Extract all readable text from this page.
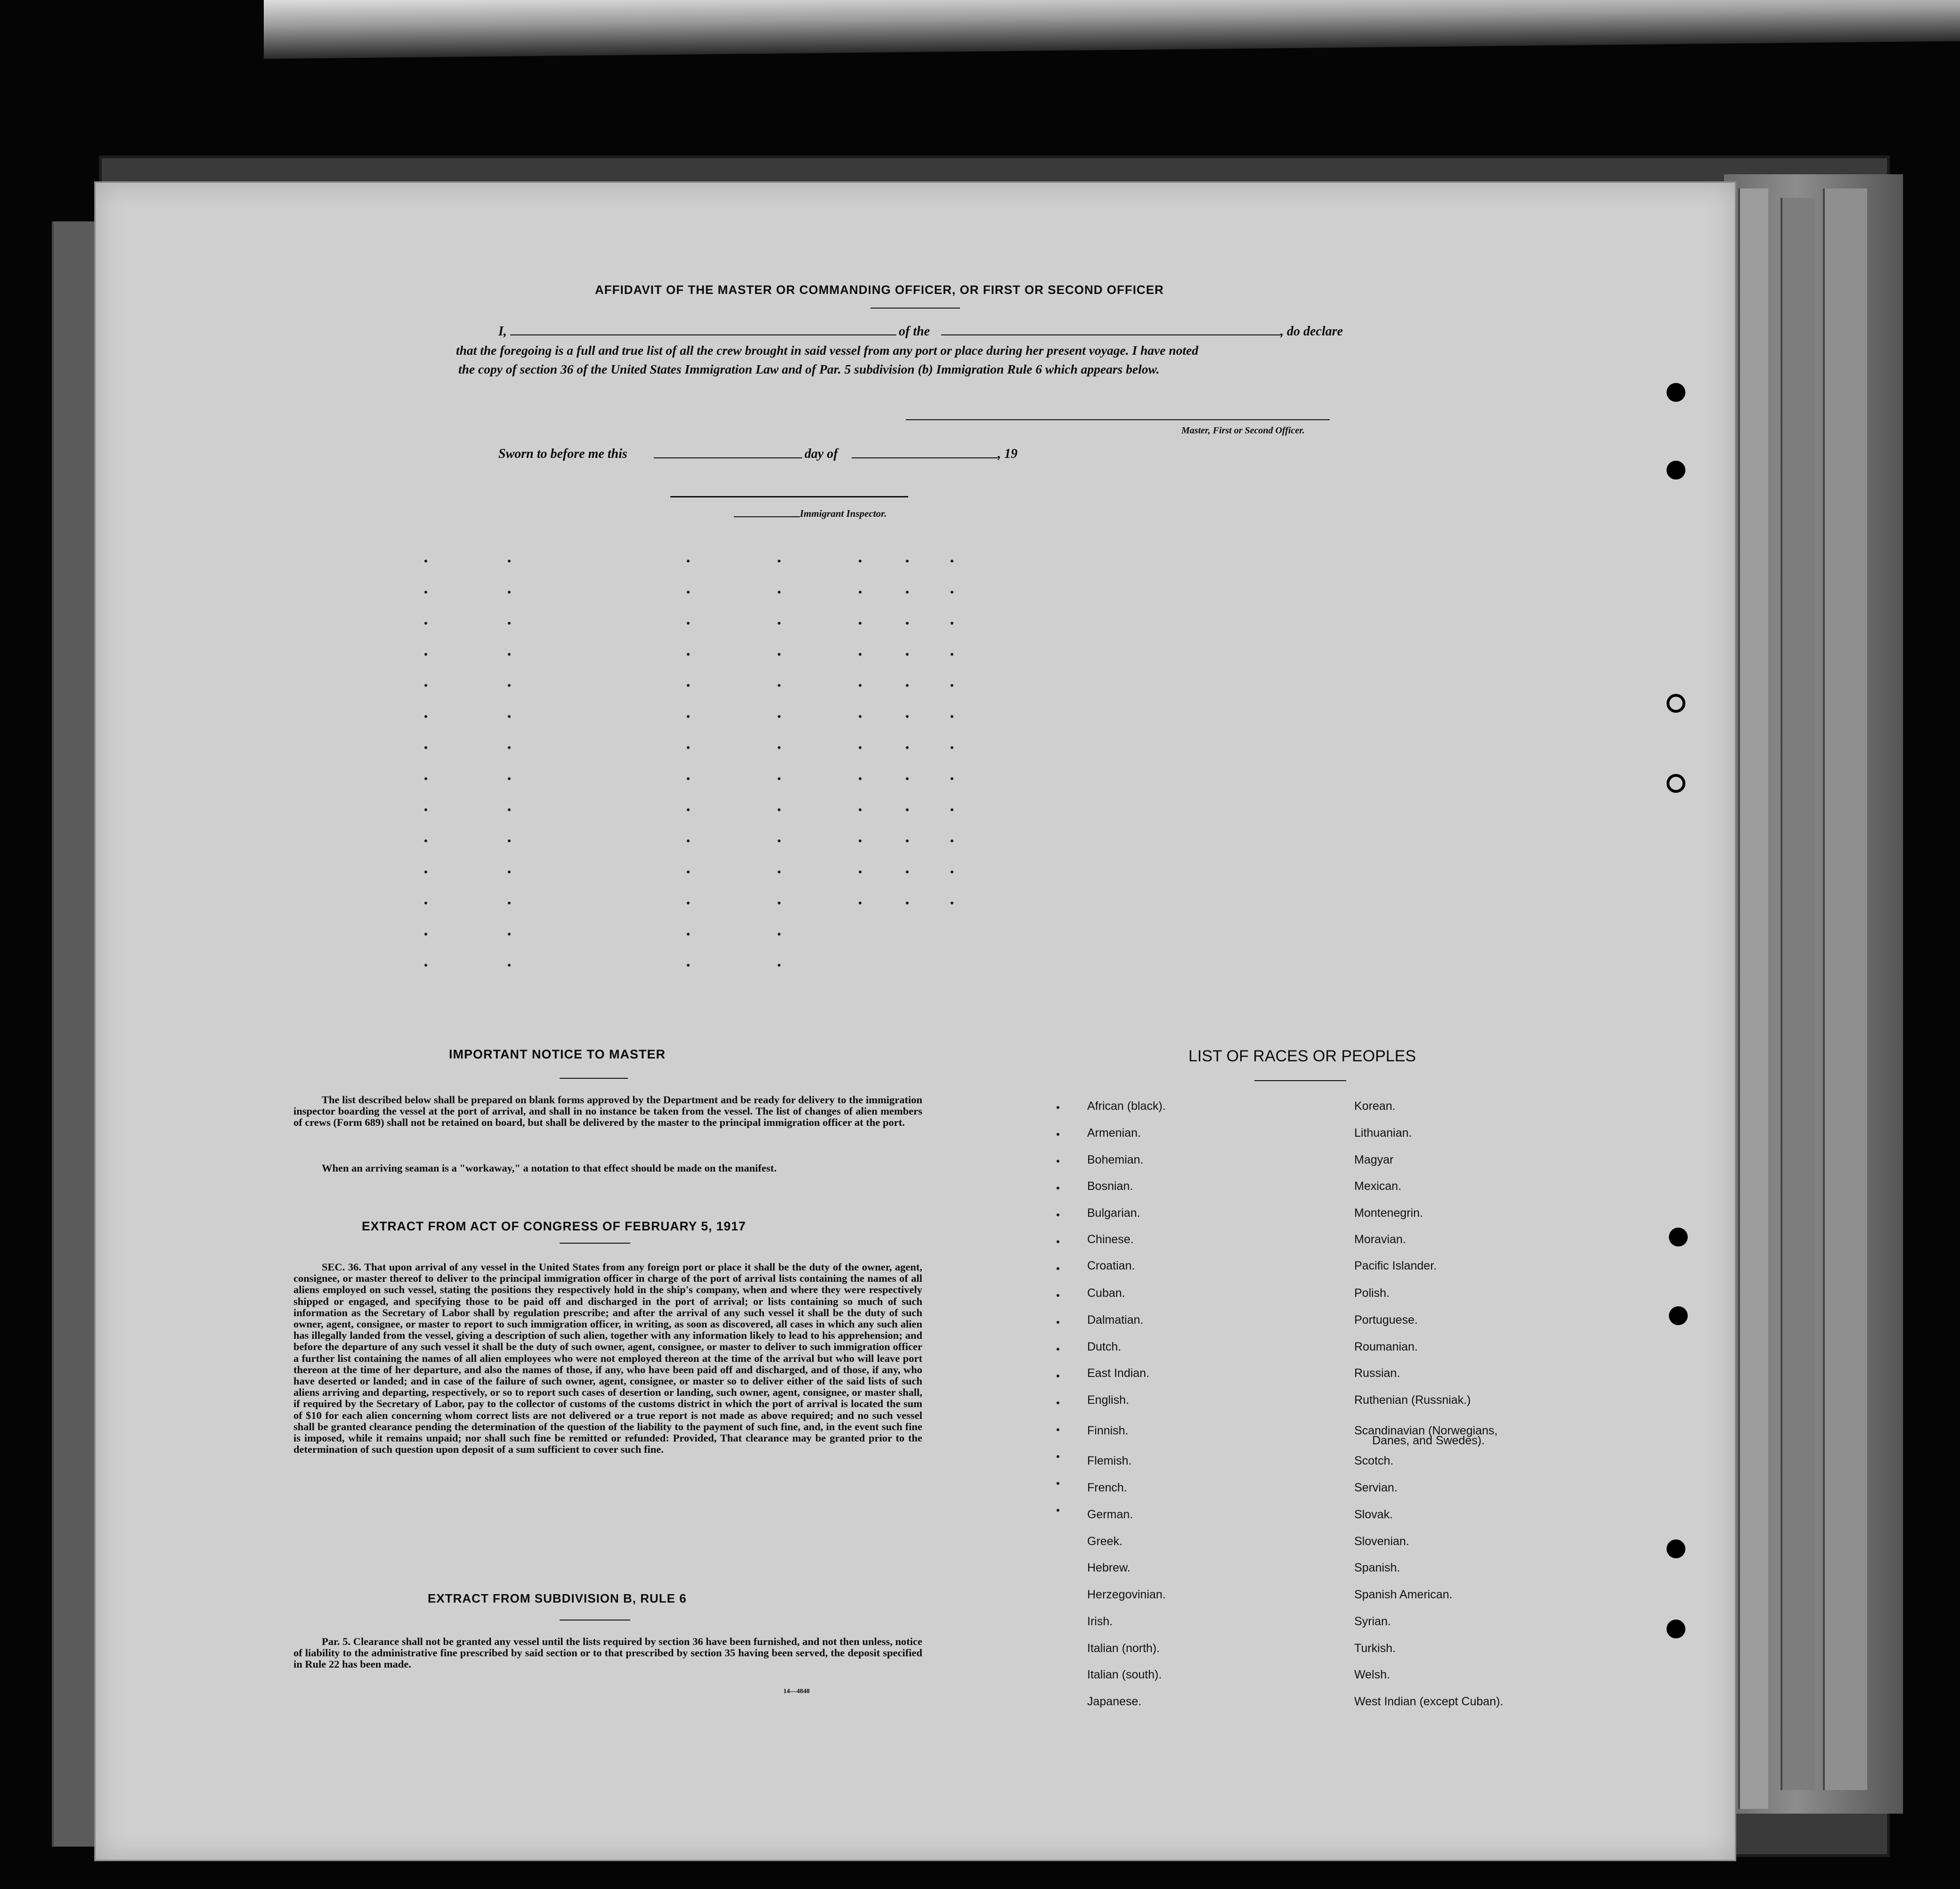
AFFIDAVIT OF THE MASTER OR COMMANDING OFFICER, OR FIRST OR SECOND OFFICER
I,	of the	, do declare
that the foregoing is a full and true list of all the crew brought in said vessel from any port or place during her present voyage. I have noted
the copy of section 36 of the United States Immigration Law and of Par. 5 subdivision (b) Immigration Rule 6 which appears below.
Master, First or Second Officer.
Sworn to before me this	day of	, 19
Immigrant Inspector.
IMPORTANT NOTICE TO MASTER
The list described below shall be prepared on blank forms approved by the Department and be ready for delivery to the immigration inspector boarding the vessel at the port of arrival, and shall in no instance be taken from the vessel. The list of changes of alien members of crews (Form 689) shall not be retained on board, but shall be delivered by the master to the principal immigration officer at the port.
When an arriving seaman is a "workaway," a notation to that effect should be made on the manifest.
EXTRACT FROM ACT OF CONGRESS OF FEBRUARY 5, 1917
SEC. 36. That upon arrival of any vessel in the United States from any foreign port or place it shall be the duty of the owner, agent, consignee, or master thereof to deliver to the principal immigration officer in charge of the port of arrival lists containing the names of all aliens employed on such vessel, stating the positions they respectively hold in the ship's company, when and where they were respectively shipped or engaged, and specifying those to be paid off and discharged in the port of arrival; or lists containing so much of such information as the Secretary of Labor shall by regulation prescribe; and after the arrival of any such vessel it shall be the duty of such owner, agent, consignee, or master to report to such immigration officer, in writing, as soon as discovered, all cases in which any such alien has illegally landed from the vessel, giving a description of such alien, together with any information likely to lead to his apprehension; and before the departure of any such vessel it shall be the duty of such owner, agent, consignee, or master to deliver to such immigration officer a further list containing the names of all alien employees who were not employed thereon at the time of the arrival but who will leave port thereon at the time of her departure, and also the names of those, if any, who have been paid off and discharged, and of those, if any, who have deserted or landed; and in case of the failure of such owner, agent, consignee, or master so to deliver either of the said lists of such aliens arriving and departing, respectively, or so to report such cases of desertion or landing, such owner, agent, consignee, or master shall, if required by the Secretary of Labor, pay to the collector of customs of the customs district in which the port of arrival is located the sum of $10 for each alien concerning whom correct lists are not delivered or a true report is not made as above required; and no such vessel shall be granted clearance pending the determination of the question of the liability to the payment of such fine, and, in the event such fine is imposed, while it remains unpaid; nor shall such fine be remitted or refunded: Provided, That clearance may be granted prior to the determination of such question upon deposit of a sum sufficient to cover such fine.
EXTRACT FROM SUBDIVISION B, RULE 6
Par. 5. Clearance shall not be granted any vessel until the lists required by section 36 have been furnished, and not then unless, notice of liability to the administrative fine prescribed by said section or to that prescribed by section 35 having been served, the deposit specified in Rule 22 has been made.
14—4848
LIST OF RACES OR PEOPLES
African (black).
Armenian.
Bohemian.
Bosnian.
Bulgarian.
Chinese.
Croatian.
Cuban.
Dalmatian.
Dutch.
East Indian.
English.
Finnish.
Flemish.
French.
German.
Greek.
Hebrew.
Herzegovinian.
Irish.
Italian (north).
Italian (south).
Japanese.
Korean.
Lithuanian.
Magyar
Mexican.
Montenegrin.
Moravian.
Pacific Islander.
Polish.
Portuguese.
Roumanian.
Russian.
Ruthenian (Russniak.)
Scandinavian (Norwegians,
Scotch.
Servian.
Slovak.
Slovenian.
Spanish.
Spanish American.
Syrian.
Turkish.
Welsh.
West Indian (except Cuban).
Danes, and Swedes).
